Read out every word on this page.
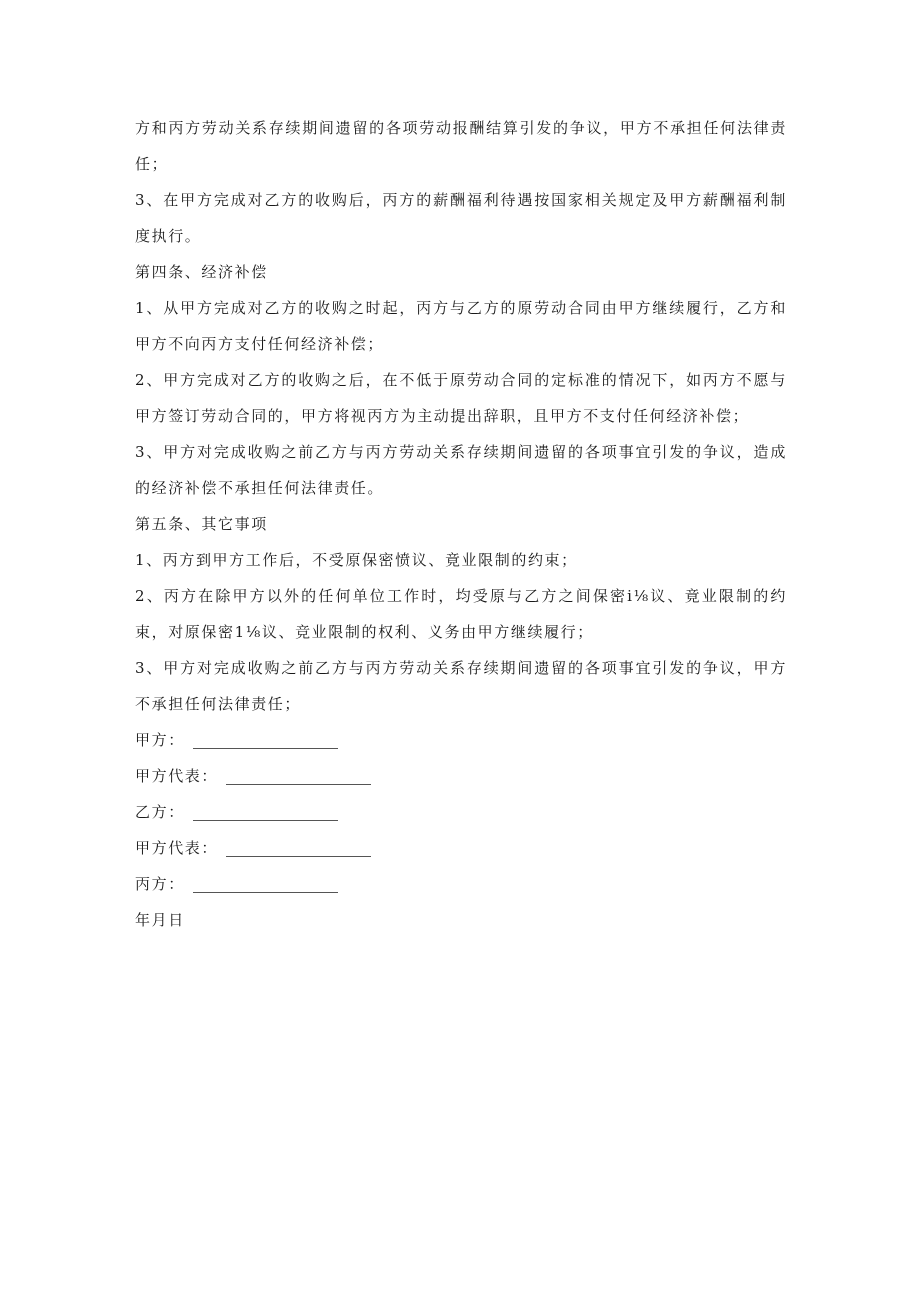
方和丙方劳动关系存续期间遗留的各项劳动报酬结算引发的争议，甲方不承担任何法律责任；

3、在甲方完成对乙方的收购后，丙方的薪酬福利待遇按国家相关规定及甲方薪酬福利制度执行。

第四条、经济补偿

1、从甲方完成对乙方的收购之时起，丙方与乙方的原劳动合同由甲方继续履行，乙方和甲方不向丙方支付任何经济补偿；

2、甲方完成对乙方的收购之后，在不低于原劳动合同的定标准的情况下，如丙方不愿与甲方签订劳动合同的，甲方将视丙方为主动提出辞职，且甲方不支付任何经济补偿；

3、甲方对完成收购之前乙方与丙方劳动关系存续期间遗留的各项事宜引发的争议，造成的经济补偿不承担任何法律责任。

第五条、其它事项

1、丙方到甲方工作后，不受原保密愤议、竟业限制的约束；

2、丙方在除甲方以外的任何单位工作时，均受原与乙方之间保密i⅛议、竟业限制的约束，对原保密1⅛议、竞业限制的权利、义务由甲方继续履行；

3、甲方对完成收购之前乙方与丙方劳动关系存续期间遗留的各项事宜引发的争议，甲方不承担任何法律责任；

甲方：
甲方代表：
乙方：
甲方代表：
丙方：

年月日
